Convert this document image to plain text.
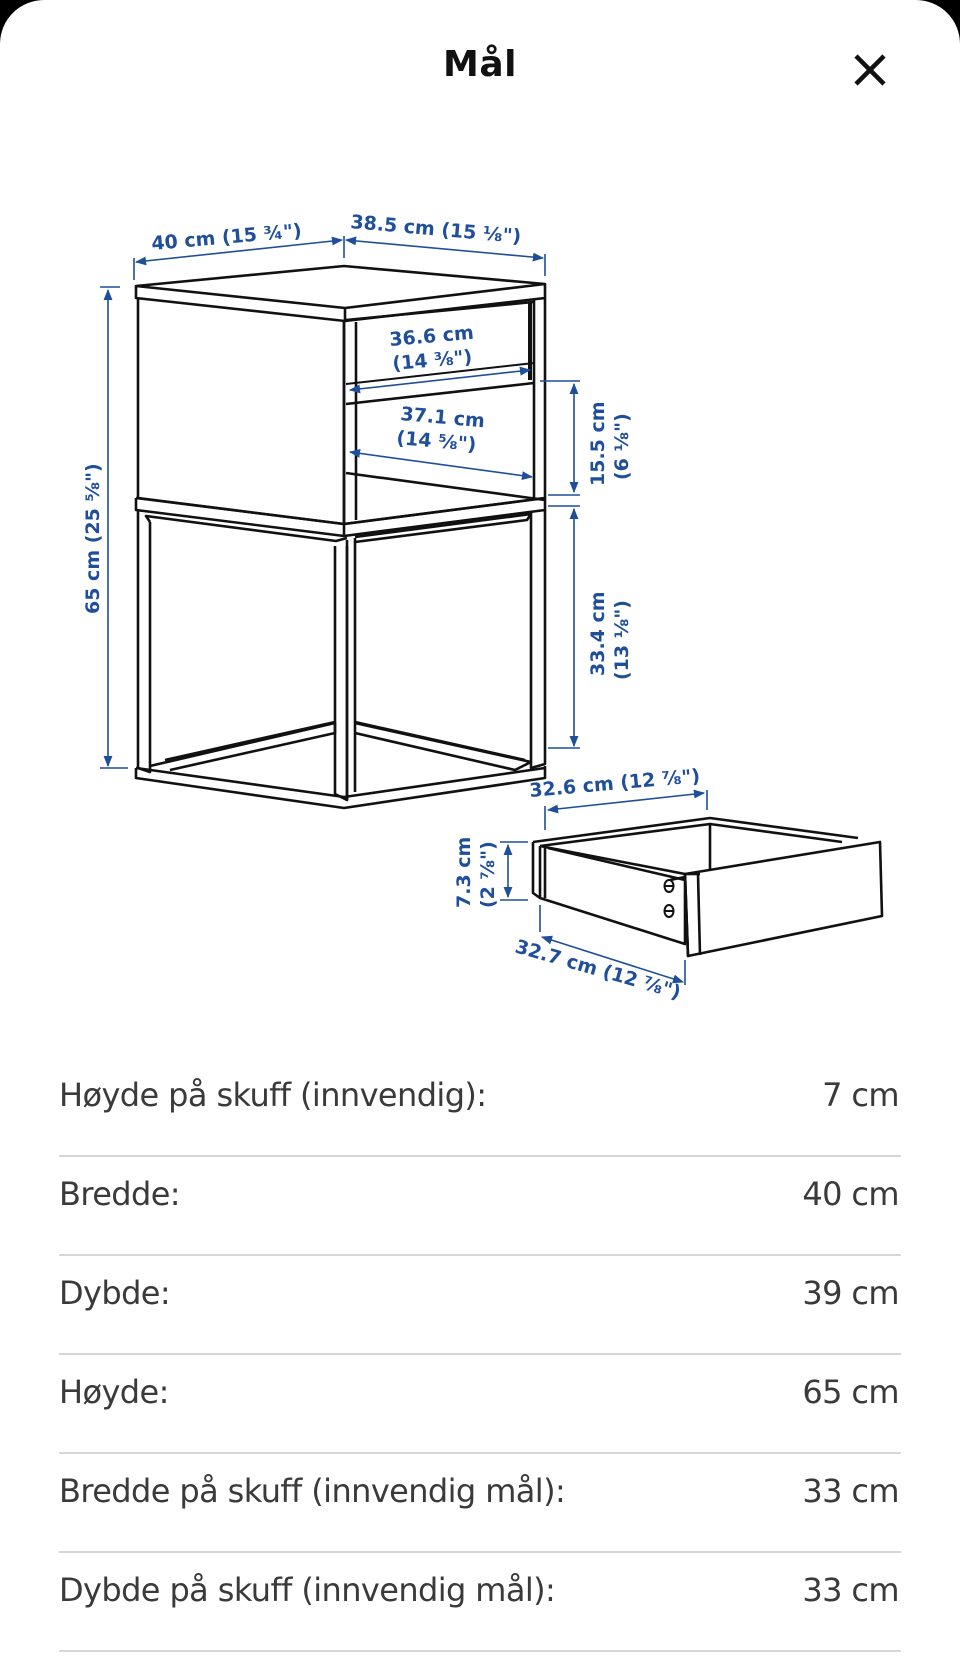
Mål
40 cm (15 ¾") 38.5 cm (15 ⅛")
36.6 cm
(14 ⅜")
37.1 cm
(14 ⅝")
65 cm (25 ⅝")
15.5 cm (6 ⅛")
33.4 cm (13 ⅛")
32.6 cm (12 ⅞")
7.3 cm (2 ⅞")
32.7 cm (12 ⅞")
Høyde på skuff (innvendig):	7 cm
Bredde:	40 cm
Dybde:	39 cm
Høyde:	65 cm
Bredde på skuff (innvendig mål):	33 cm
Dybde på skuff (innvendig mål):	33 cm
